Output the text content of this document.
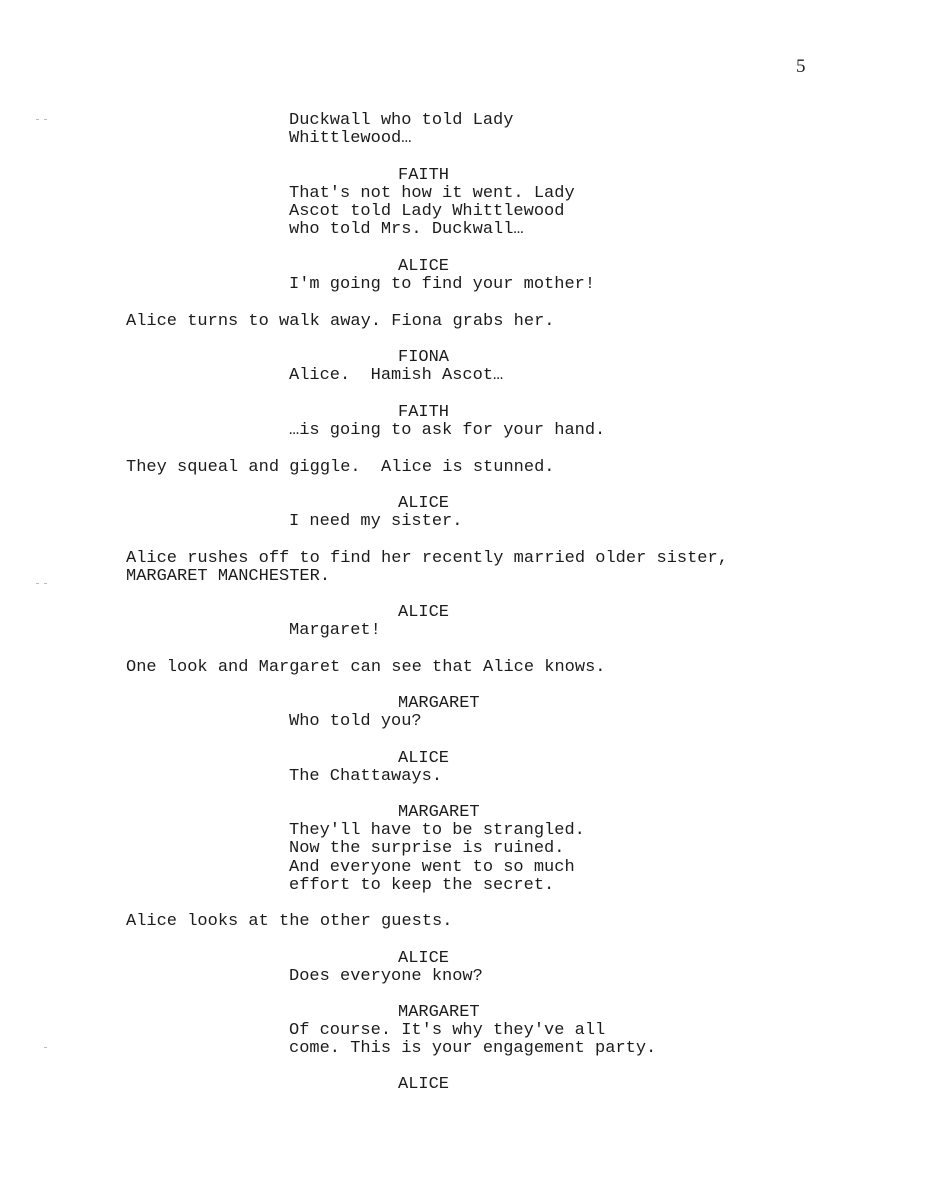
5
Duckwall who told Lady
Whittlewood…
FAITH
That's not how it went. Lady
Ascot told Lady Whittlewood
who told Mrs. Duckwall…
ALICE
I'm going to find your mother!
Alice turns to walk away. Fiona grabs her.
FIONA
Alice.  Hamish Ascot…
FAITH
…is going to ask for your hand.
They squeal and giggle.  Alice is stunned.
ALICE
I need my sister.
Alice rushes off to find her recently married older sister,
MARGARET MANCHESTER.
ALICE
Margaret!
One look and Margaret can see that Alice knows.
MARGARET
Who told you?
ALICE
The Chattaways.
MARGARET
They'll have to be strangled.
Now the surprise is ruined.
And everyone went to so much
effort to keep the secret.
Alice looks at the other guests.
ALICE
Does everyone know?
MARGARET
Of course. It's why they've all
come. This is your engagement party.
ALICE
